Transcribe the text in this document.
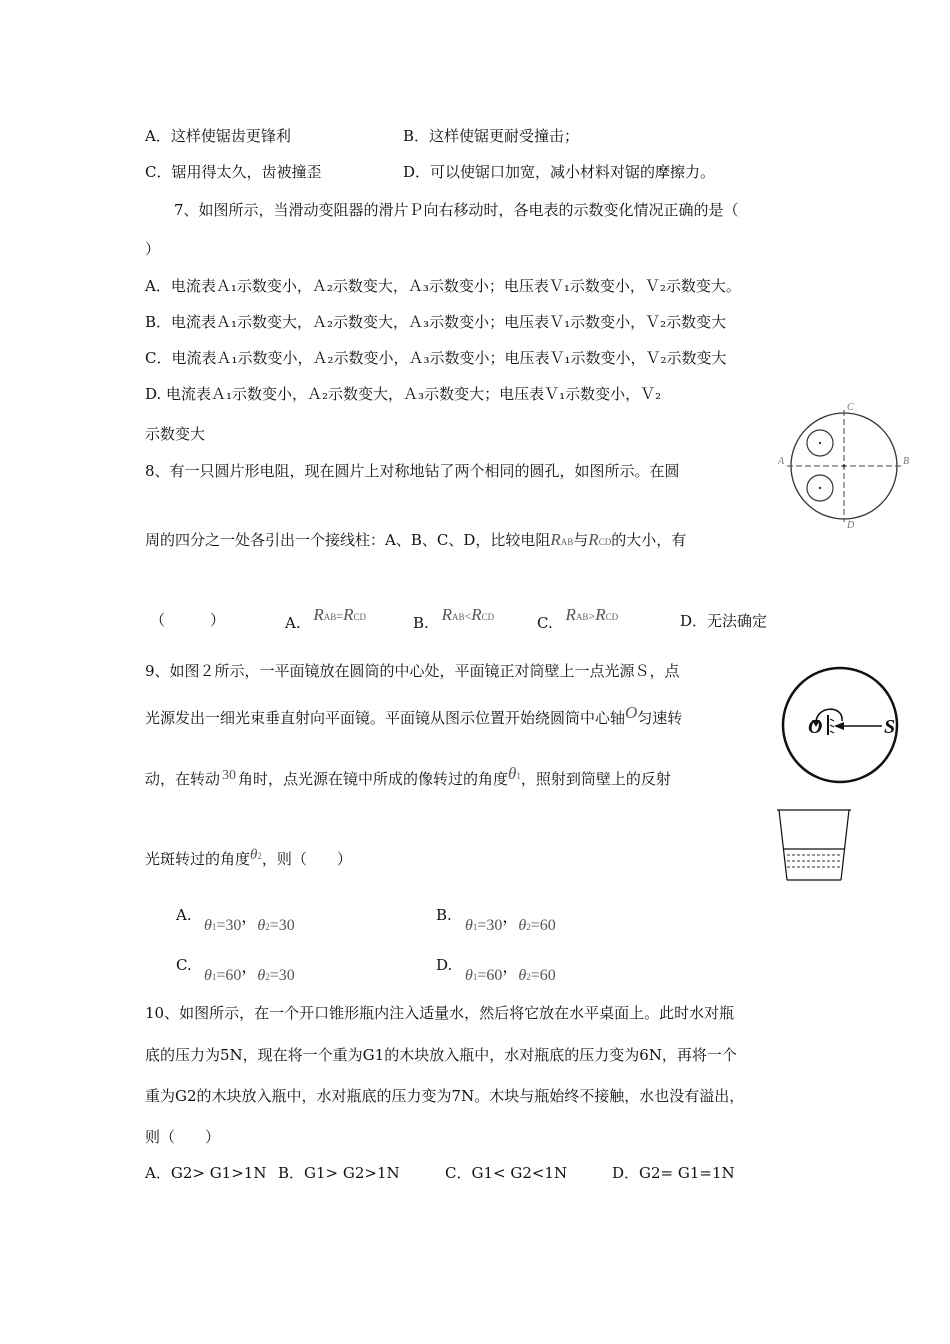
A．这样使锯齿更锋利	B．这样使锯更耐受撞击；
C．锯用得太久，齿被撞歪	D．可以使锯口加宽，减小材料对锯的摩擦力。
7、如图所示，当滑动变阻器的滑片Ｐ向右移动时，各电表的示数变化情况正确的是（
）
A．电流表Ａ₁示数变小，Ａ₂示数变大，Ａ₃示数变小；电压表Ｖ₁示数变小，Ｖ₂示数变大。
B．电流表Ａ₁示数变大，Ａ₂示数变大，Ａ₃示数变小；电压表Ｖ₁示数变小，Ｖ₂示数变大
C．电流表Ａ₁示数变小，Ａ₂示数变小，Ａ₃示数变小；电压表Ｖ₁示数变小，Ｖ₂示数变大
D. 电流表Ａ₁示数变小，Ａ₂示数变大，Ａ₃示数变大；电压表Ｖ₁示数变小，Ｖ₂
示数变大
8、有一只圆片形电阻，现在圆片上对称地钻了两个相同的圆孔，如图所示。在圆
周的四分之一处各引出一个接线柱：A、B、C、D，比较电阻RAB与RCD的大小，有
（　　　）	A. RAB=RCD	B. RAB<RCD	C. RAB>RCD	D．无法确定
C
A	B
D
9、如图２所示，一平面镜放在圆筒的中心处，平面镜正对筒壁上一点光源Ｓ，点
光源发出一细光束垂直射向平面镜。平面镜从图示位置开始绕圆筒中心轴O匀速转
动，在转动 30 角时，点光源在镜中所成的像转过的角度θ1，照射到筒壁上的反射
光斑转过的角度θ2，则（　　）
A.
θ1=30，θ2=30
B.
θ1=30，θ2=60
C.
θ1=60，θ2=30
D.
θ1=60，θ2=60
O	S
10、如图所示，在一个开口锥形瓶内注入适量水，然后将它放在水平桌面上。此时水对瓶
底的压力为5N，现在将一个重为G1的木块放入瓶中，水对瓶底的压力变为6N，再将一个
重为G2的木块放入瓶中，水对瓶底的压力变为7N。木块与瓶始终不接触，水也没有溢出，
则（　　）
A．G2> G1>1N B．G1> G2>1N	C．G1< G2<1N	D．G2= G1=1N
